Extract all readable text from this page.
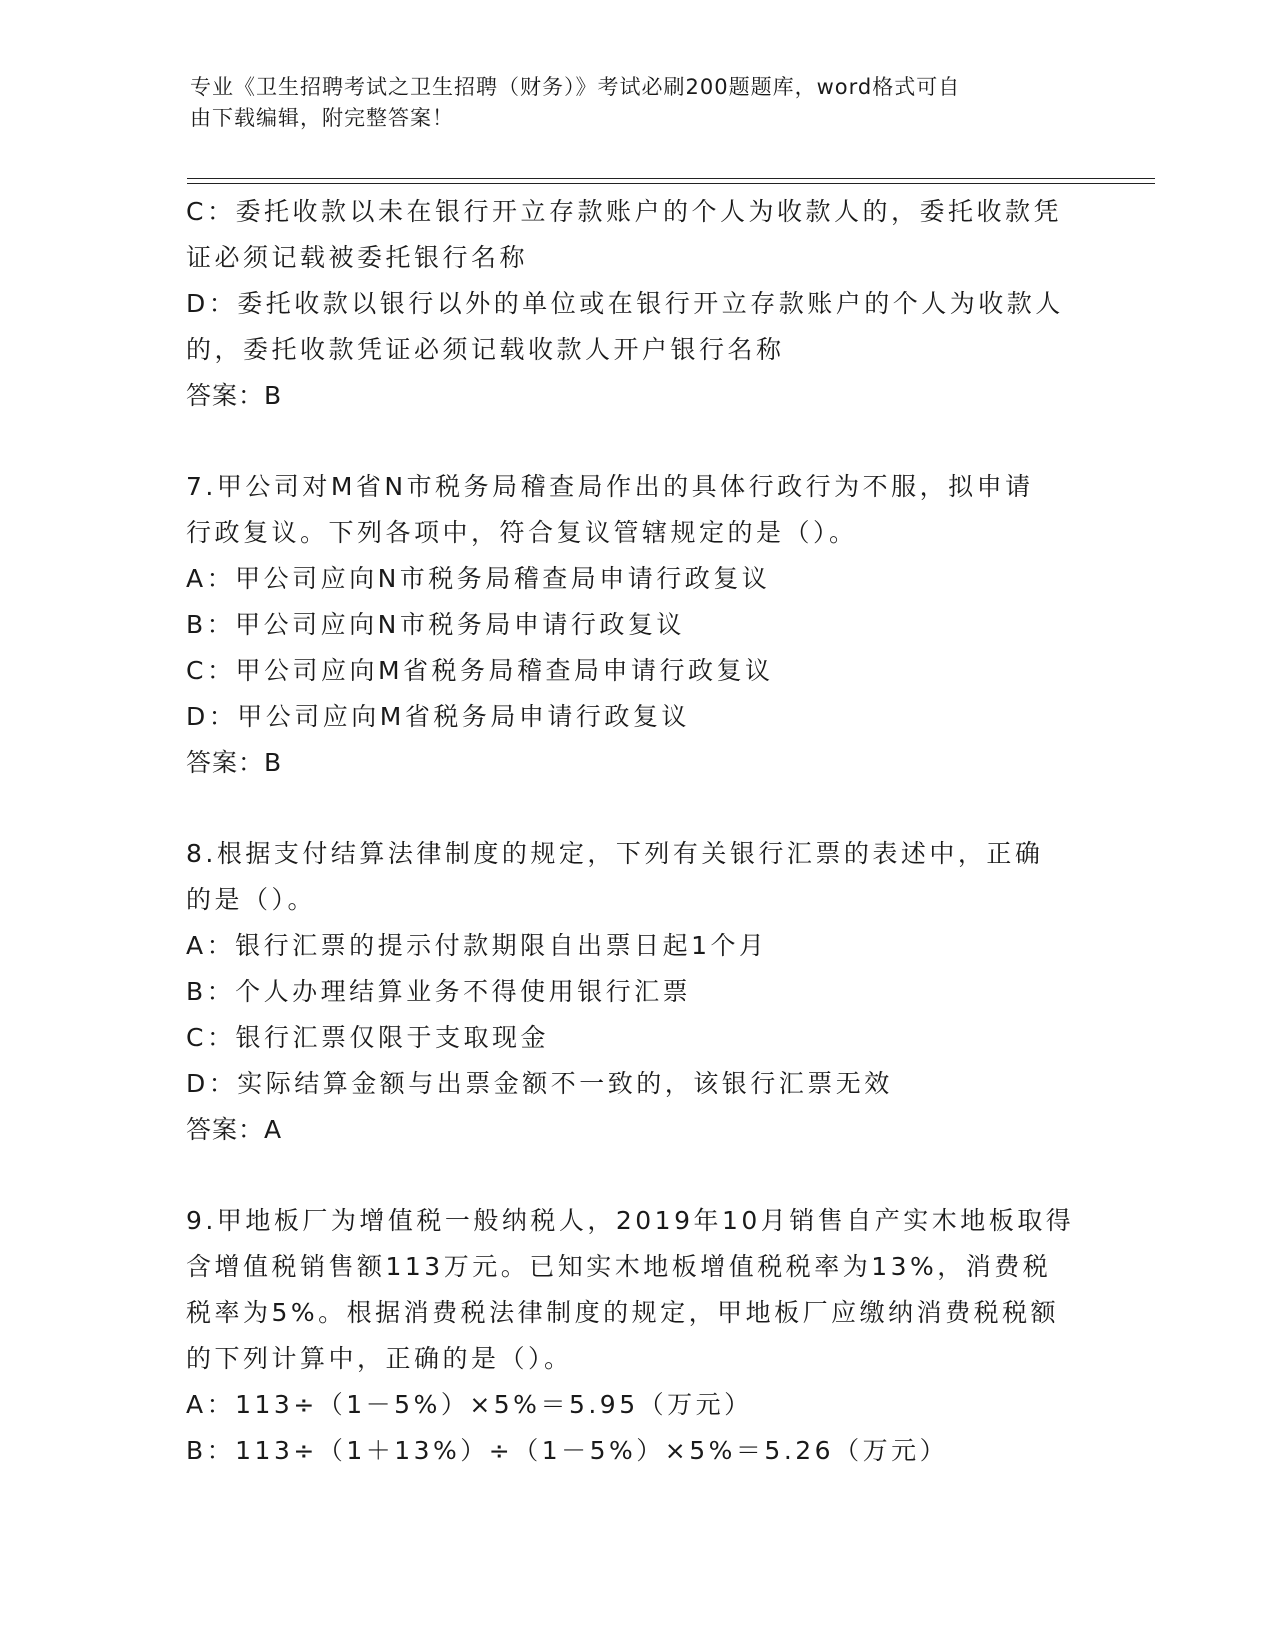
专业《卫生招聘考试之卫生招聘（财务）》考试必刷200题题库，word格式可自
由下载编辑，附完整答案！
C：委托收款以未在银行开立存款账户的个人为收款人的，委托收款凭
证必须记载被委托银行名称
D：委托收款以银行以外的单位或在银行开立存款账户的个人为收款人
的，委托收款凭证必须记载收款人开户银行名称
答案：B
7.甲公司对M省N市税务局稽查局作出的具体行政行为不服，拟申请
行政复议。下列各项中，符合复议管辖规定的是（）。
A：甲公司应向N市税务局稽查局申请行政复议
B：甲公司应向N市税务局申请行政复议
C：甲公司应向M省税务局稽查局申请行政复议
D：甲公司应向M省税务局申请行政复议
答案：B
8.根据支付结算法律制度的规定，下列有关银行汇票的表述中，正确
的是（）。
A：银行汇票的提示付款期限自出票日起1个月
B：个人办理结算业务不得使用银行汇票
C：银行汇票仅限于支取现金
D：实际结算金额与出票金额不一致的，该银行汇票无效
答案：A
9.甲地板厂为增值税一般纳税人，2019年10月销售自产实木地板取得
含增值税销售额113万元。已知实木地板增值税税率为13%，消费税
税率为5%。根据消费税法律制度的规定，甲地板厂应缴纳消费税税额
的下列计算中，正确的是（）。
A：113÷（1－5%）×5%＝5.95（万元）
B：113÷（1＋13%）÷（1－5%）×5%＝5.26（万元）
